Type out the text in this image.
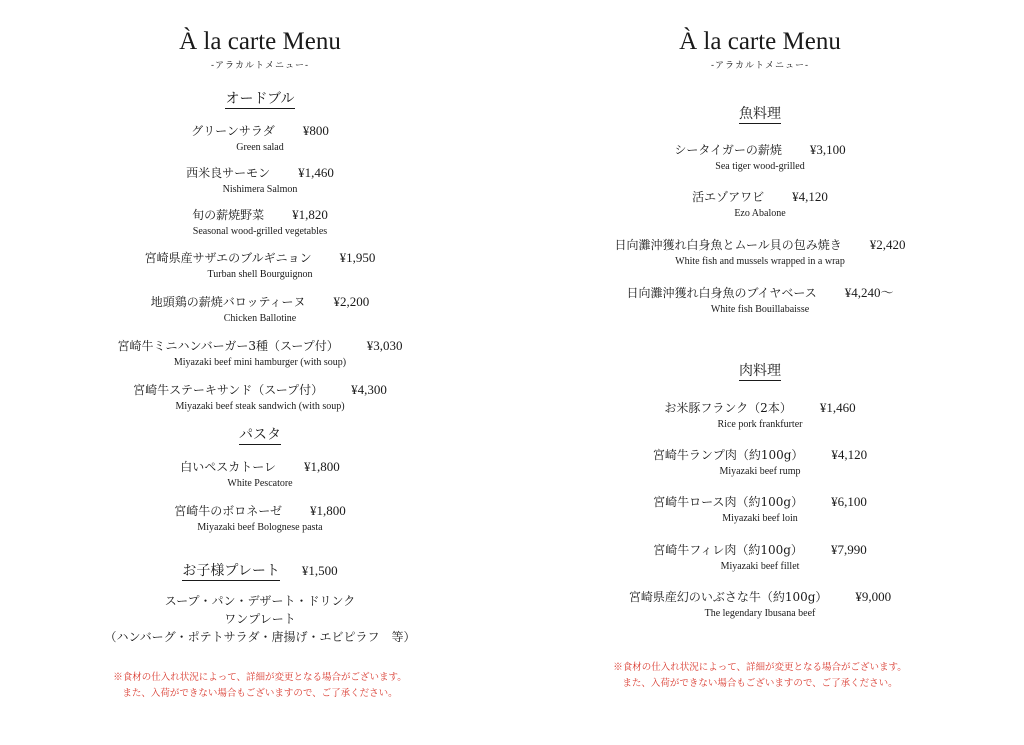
À la carte Menu
-アラカルトメニュー-
オードブル
グリーンサラダ ¥800
Green salad
西米良サーモン ¥1,460
Nishimera Salmon
旬の薪焼野菜 ¥1,820
Seasonal wood-grilled vegetables
宮崎県産サザエのブルギニョン ¥1,950
Turban shell Bourguignon
地頭鶏の薪焼バロッティーヌ ¥2,200
Chicken Ballotine
宮崎牛ミニハンバーガー3種（スープ付） ¥3,030
Miyazaki beef mini hamburger (with soup)
宮崎牛ステーキサンド（スープ付） ¥4,300
Miyazaki beef steak sandwich (with soup)
パスタ
白いペスカトーレ ¥1,800
White Pescatore
宮崎牛のボロネーゼ ¥1,800
Miyazaki beef Bolognese pasta
お子様プレート ¥1,500
スープ・パン・デザート・ドリンク
ワンプレート
（ハンバーグ・ポテトサラダ・唐揚げ・エビピラフ　等）
※食材の仕入れ状況によって、詳細が変更となる場合がございます。
また、入荷ができない場合もございますので、ご了承ください。
À la carte Menu
-アラカルトメニュー-
魚料理
シータイガーの薪焼 ¥3,100
Sea tiger wood-grilled
活エゾアワビ ¥4,120
Ezo Abalone
日向灘沖獲れ白身魚とムール貝の包み焼き ¥2,420
White fish and mussels wrapped in a wrap
日向灘沖獲れ白身魚のブイヤベース ¥4,240～
White fish Bouillabaisse
肉料理
お米豚フランク（2本） ¥1,460
Rice pork frankfurter
宮崎牛ランプ肉（約100g） ¥4,120
Miyazaki beef rump
宮崎牛ロース肉（約100g） ¥6,100
Miyazaki beef loin
宮崎牛フィレ肉（約100g） ¥7,990
Miyazaki beef fillet
宮崎県産幻のいぶさな牛（約100g） ¥9,000
The legendary Ibusana beef
※食材の仕入れ状況によって、詳細が変更となる場合がございます。
また、入荷ができない場合もございますので、ご了承ください。
